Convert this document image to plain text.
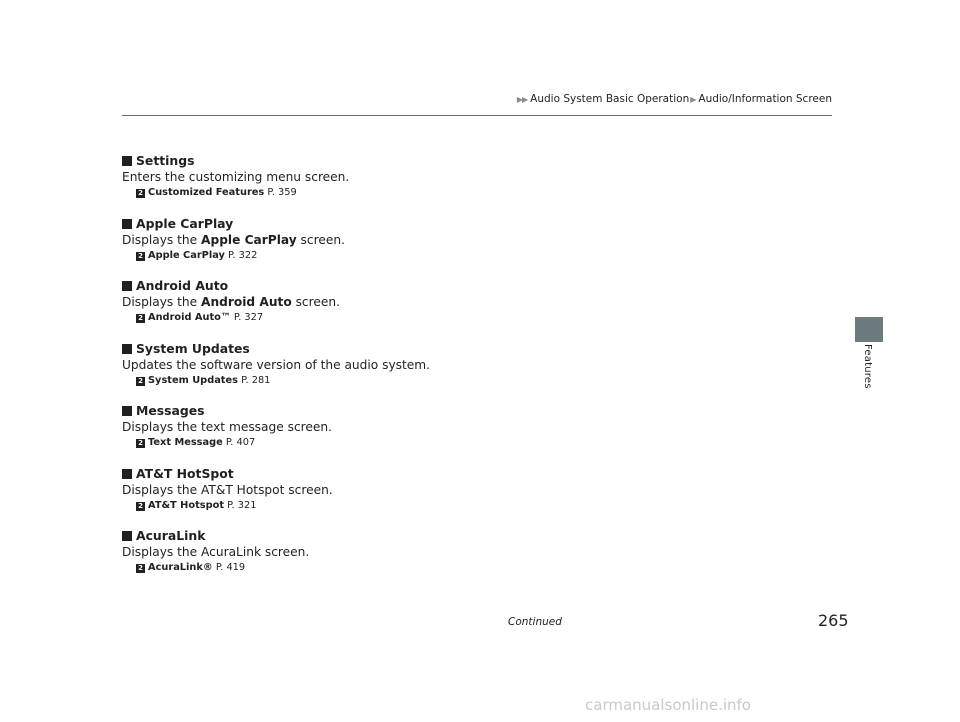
▶▶ Audio System Basic Operation▶ Audio/Information Screen
Features
Settings
Enters the customizing menu screen.
2 Customized Features P. 359
Apple CarPlay
Displays the Apple CarPlay screen.
2 Apple CarPlay P. 322
Android Auto
Displays the Android Auto screen.
2 Android Auto™ P. 327
System Updates
Updates the software version of the audio system.
2 System Updates P. 281
Messages
Displays the text message screen.
2 Text Message P. 407
AT&T HotSpot
Displays the AT&T Hotspot screen.
2 AT&T Hotspot P. 321
AcuraLink
Displays the AcuraLink screen.
2 AcuraLink® P. 419
Continued	265
carmanualsonline.info
